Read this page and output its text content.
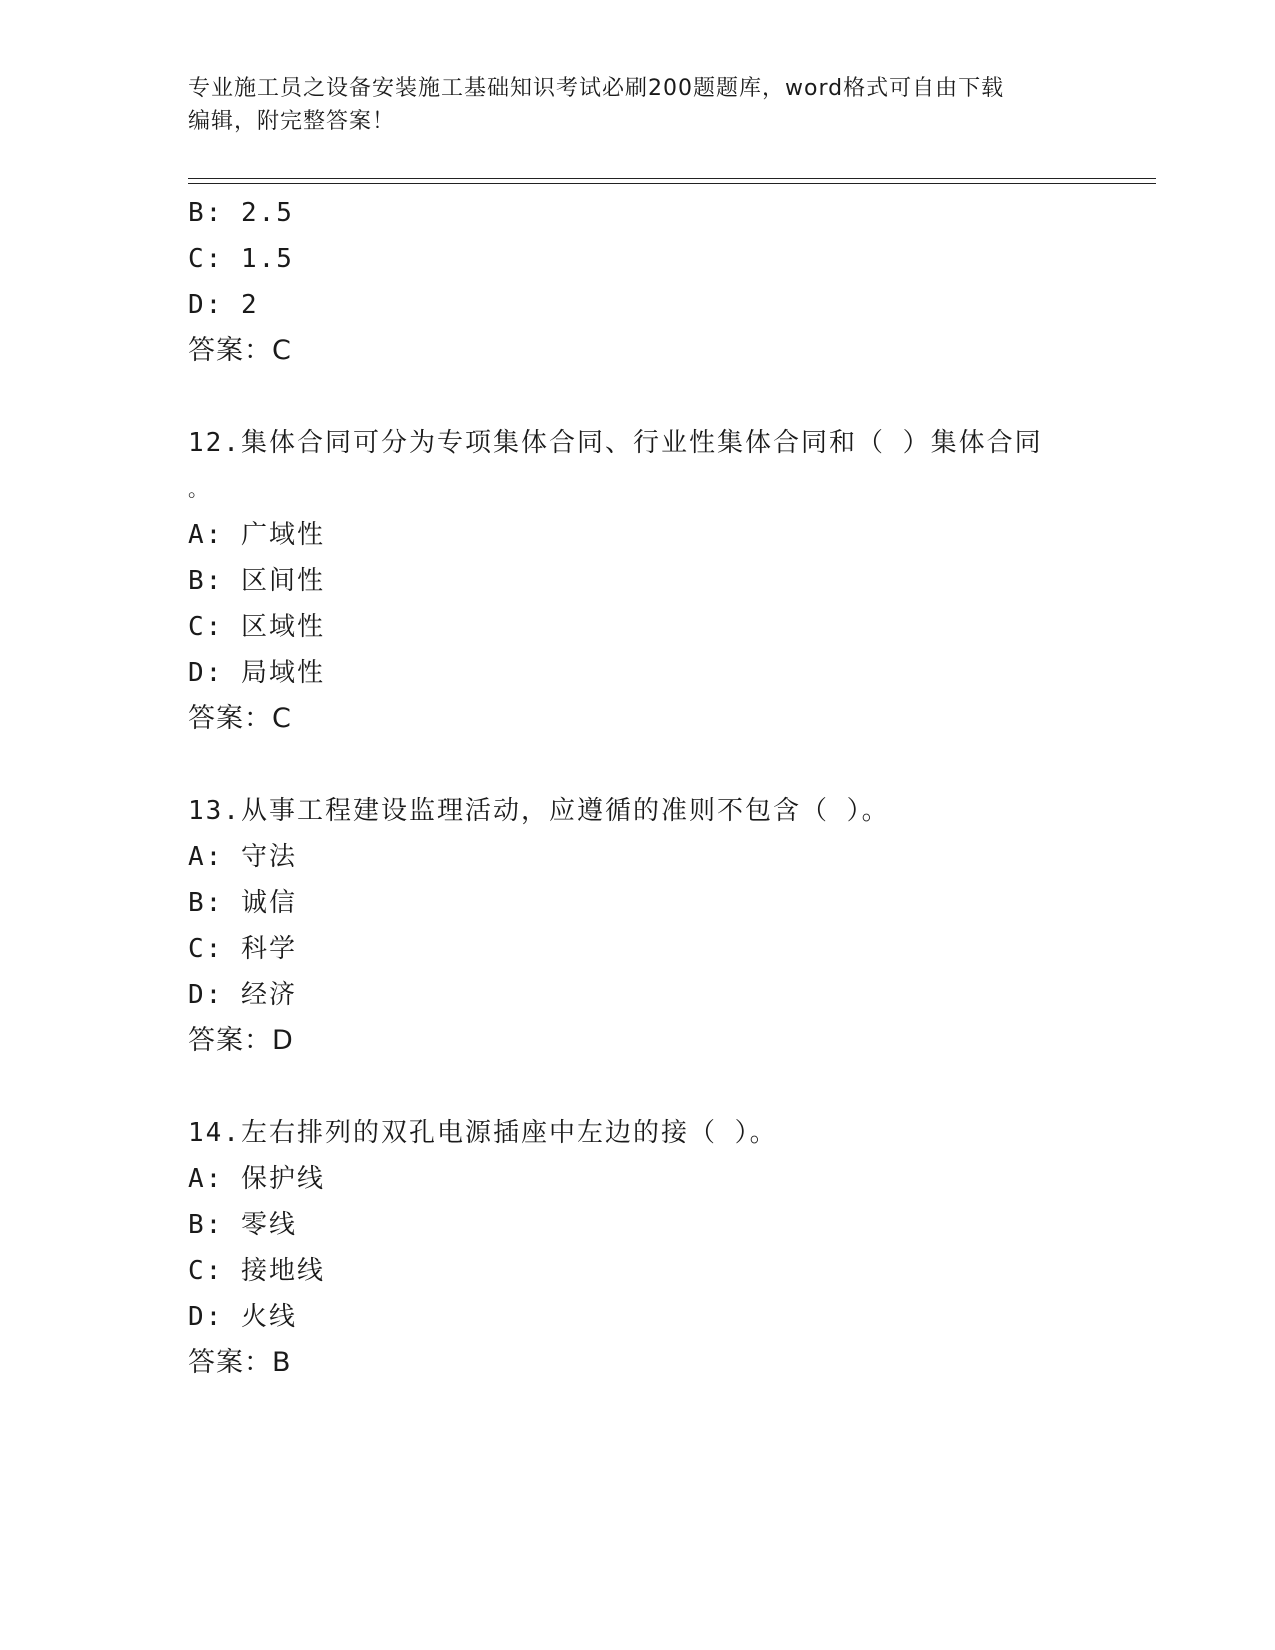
专业施工员之设备安装施工基础知识考试必刷200题题库，word格式可自由下载
编辑，附完整答案！
B: 2.5
C: 1.5
D: 2
答案：C
12.集体合同可分为专项集体合同、行业性集体合同和（ ）集体合同
。
A: 广域性
B: 区间性
C: 区域性
D: 局域性
答案：C
13.从事工程建设监理活动，应遵循的准则不包含（ ）。
A: 守法
B: 诚信
C: 科学
D: 经济
答案：D
14.左右排列的双孔电源插座中左边的接（ ）。
A: 保护线
B: 零线
C: 接地线
D: 火线
答案：B
